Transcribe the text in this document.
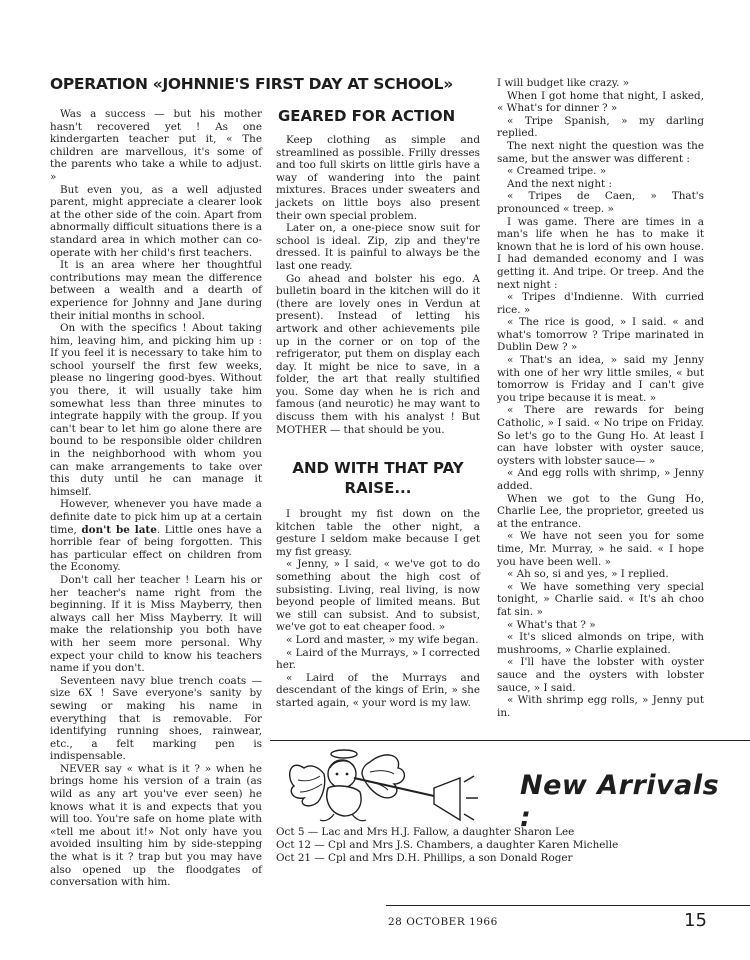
OPERATION «JOHNNIE'S FIRST DAY AT SCHOOL»

Was a success — but his mother hasn't recovered yet ! As one kindergarten teacher put it, « The children are marvellous, it's some of the parents who take a while to adjust. »

But even you, as a well adjusted parent, might appreciate a clearer look at the other side of the coin. Apart from abnormally difficult situations there is a standard area in which mother can co-operate with her child's first teachers.

It is an area where her thoughtful contributions may mean the difference between a wealth and a dearth of experience for Johnny and Jane during their initial months in school.

On with the specifics ! About taking him, leaving him, and picking him up : If you feel it is necessary to take him to school yourself the first few weeks, please no lingering good-byes. Without you there, it will usually take him somewhat less than three minutes to integrate happily with the group. If you can't bear to let him go alone there are bound to be responsible older children in the neighborhood with whom you can make arrangements to take over this duty until he can manage it himself.

However, whenever you have made a definite date to pick him up at a certain time, don't be late. Little ones have a horrible fear of being forgotten. This has particular effect on children from the Economy.

Don't call her teacher ! Learn his or her teacher's name right from the beginning. If it is Miss Mayberry, then always call her Miss Mayberry. It will make the relationship you both have with her seem more personal. Why expect your child to know his teachers name if you don't.

Seventeen navy blue trench coats — size 6X ! Save everyone's sanity by sewing or making his name in everything that is removable. For identifying running shoes, rainwear, etc., a felt marking pen is indispensable.

NEVER say « what is it ? » when he brings home his version of a train (as wild as any art you've ever seen) he knows what it is and expects that you will too. You're safe on home plate with «tell me about it!» Not only have you avoided insulting him by side-stepping the what is it ? trap but you may have also opened up the floodgates of conversation with him.

GEARED FOR ACTION

Keep clothing as simple and streamlined as possible. Frilly dresses and too full skirts on little girls have a way of wandering into the paint mixtures. Braces under sweaters and jackets on little boys also present their own special problem.

Later on, a one-piece snow suit for school is ideal. Zip, zip and they're dressed. It is painful to always be the last one ready.

Go ahead and bolster his ego. A bulletin board in the kitchen will do it (there are lovely ones in Verdun at present). Instead of letting his artwork and other achievements pile up in the corner or on top of the refrigerator, put them on display each day. It might be nice to save, in a folder, the art that really stultified you. Some day when he is rich and famous (and neurotic) he may want to discuss them with his analyst ! But MOTHER — that should be you.

AND WITH THAT PAY RAISE...

I brought my fist down on the kitchen table the other night, a gesture I seldom make because I get my fist greasy.

« Jenny, » I said, « we've got to do something about the high cost of subsisting. Living, real living, is now beyond people of limited means. But we still can subsist. And to subsist, we've got to eat cheaper food. »

« Lord and master, » my wife began.

« Laird of the Murrays, » I corrected her.

« Laird of the Murrays and descendant of the kings of Erin, » she started again, « your word is my law.

I will budget like crazy. »

When I got home that night, I asked, « What's for dinner ? »

« Tripe Spanish, » my darling replied.

The next night the question was the same, but the answer was different :

« Creamed tripe. »

And the next night :

« Tripes de Caen, » That's pronounced « treep. »

I was game. There are times in a man's life when he has to make it known that he is lord of his own house. I had demanded economy and I was getting it. And tripe. Or treep. And the next night :

« Tripes d'Indienne. With curried rice. »

« The rice is good, » I said. « and what's tomorrow ? Tripe marinated in Dublin Dew ? »

« That's an idea, » said my Jenny with one of her wry little smiles, « but tomorrow is Friday and I can't give you tripe because it is meat. »

« There are rewards for being Catholic, » I said. « No tripe on Friday. So let's go to the Gung Ho. At least I can have lobster with oyster sauce, oysters with lobster sauce— »

« And egg rolls with shrimp, » Jenny added.

When we got to the Gung Ho, Charlie Lee, the proprietor, greeted us at the entrance.

« We have not seen you for some time, Mr. Murray, » he said. « I hope you have been well. »

« Ah so, si and yes, » I replied.

« We have something very special tonight, » Charlie said. « It's ah choo fat sin. »

« What's that ? »

« It's sliced almonds on tripe, with mushrooms, » Charlie explained.

« I'll have the lobster with oyster sauce and the oysters with lobster sauce, » I said.

« With shrimp egg rolls, » Jenny put in.

New Arrivals :
Oct 5 — Lac and Mrs H.J. Fallow, a daughter Sharon Lee
Oct 12 — Cpl and Mrs J.S. Chambers, a daughter Karen Michelle
Oct 21 — Cpl and Mrs D.H. Phillips, a son Donald Roger
28 OCTOBER 1966	15
